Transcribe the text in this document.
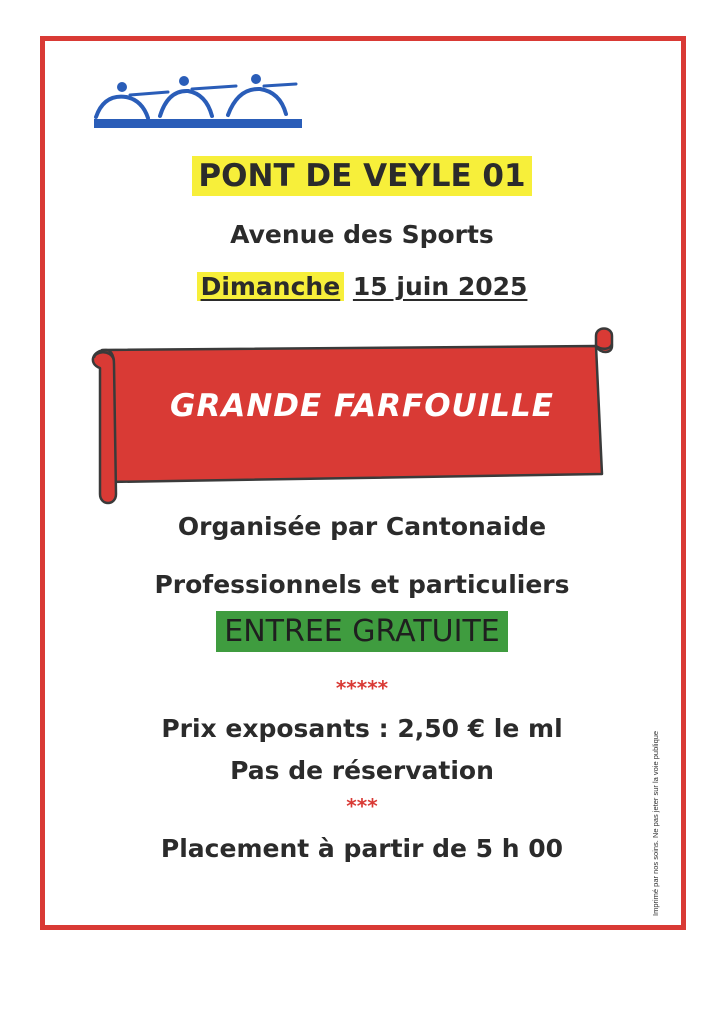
PONT DE VEYLE 01
Avenue des Sports
Dimanche 15 juin 2025
GRANDE FARFOUILLE
Organisée par Cantonaide
Professionnels et particuliers
ENTREE GRATUITE
*****
Prix exposants : 2,50 € le ml
Pas de réservation
***
Placement à partir de 5 h 00	Imprimé par nos soins. Ne pas jeter sur la voie publique
